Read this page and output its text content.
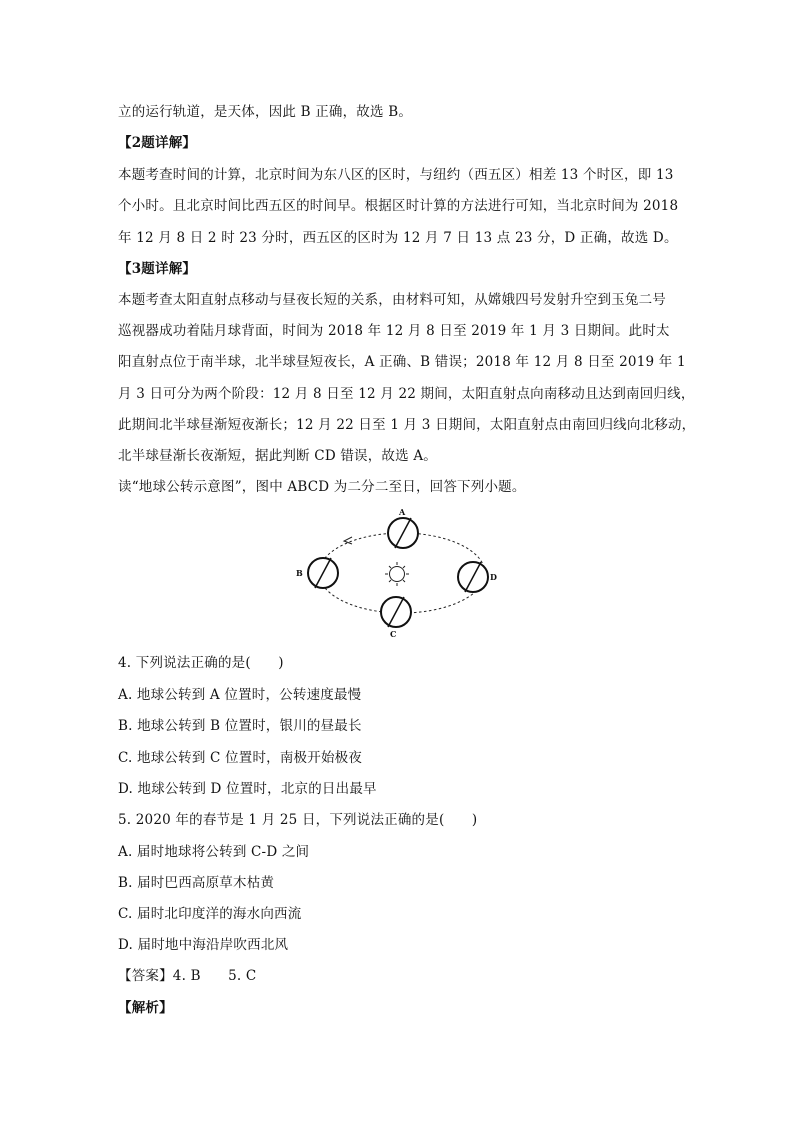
立的运行轨道，是天体，因此 B 正确，故选 B。
【2题详解】
本题考查时间的计算，北京时间为东八区的区时，与纽约（西五区）相差 13 个时区，即 13
个小时。且北京时间比西五区的时间早。根据区时计算的方法进行可知，当北京时间为 2018
年 12 月 8 日 2 时 23 分时，西五区的区时为 12 月 7 日 13 点 23 分，D 正确，故选 D。
【3题详解】
本题考查太阳直射点移动与昼夜长短的关系，由材料可知，从嫦娥四号发射升空到玉兔二号
巡视器成功着陆月球背面，时间为 2018 年 12 月 8 日至 2019 年 1 月 3 日期间。此时太
阳直射点位于南半球，北半球昼短夜长，A 正确、B 错误；2018 年 12 月 8 日至 2019 年 1
月 3 日可分为两个阶段：12 月 8 日至 12 月 22 期间，太阳直射点向南移动且达到南回归线，
此期间北半球昼渐短夜渐长；12 月 22 日至 1 月 3 日期间，太阳直射点由南回归线向北移动，
北半球昼渐长夜渐短，据此判断 CD 错误，故选 A。
读“地球公转示意图”，图中 ABCD 为二分二至日，回答下列小题。
A
B
C
D
4. 下列说法正确的是(　　)
A. 地球公转到 A 位置时，公转速度最慢
B. 地球公转到 B 位置时，银川的昼最长
C. 地球公转到 C 位置时，南极开始极夜
D. 地球公转到 D 位置时，北京的日出最早
5. 2020 年的春节是 1 月 25 日，下列说法正确的是(　　)
A. 届时地球将公转到 C-D 之间
B. 届时巴西高原草木枯黄
C. 届时北印度洋的海水向西流
D. 届时地中海沿岸吹西北风
【答案】4. B　　5. C
【解析】
